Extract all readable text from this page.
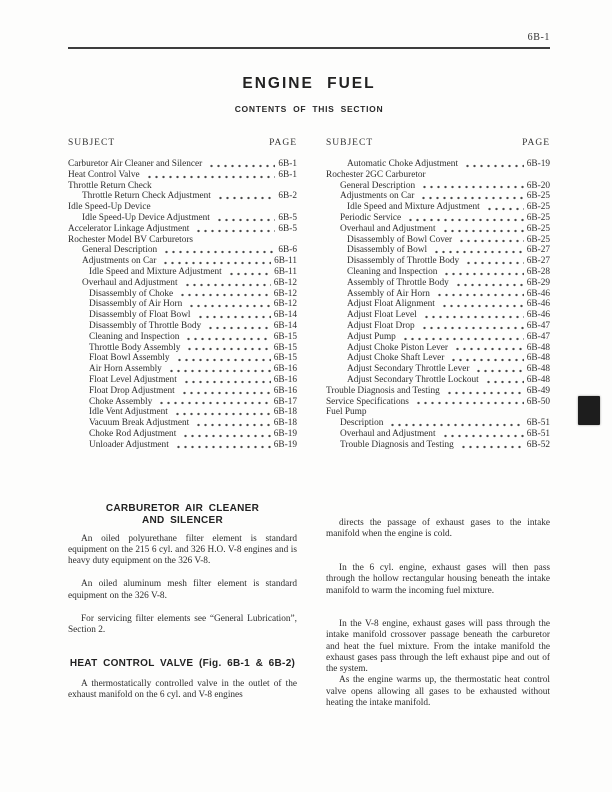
6B-1
ENGINE FUEL
CONTENTS OF THIS SECTION
SUBJECT	PAGE
Carburetor Air Cleaner and Silencer	6B-1
Heat Control Valve	6B-1
Throttle Return Check
Throttle Return Check Adjustment	6B-2
Idle Speed-Up Device
Idle Speed-Up Device Adjustment	6B-5
Accelerator Linkage Adjustment	6B-5
Rochester Model BV Carburetors
General Description	6B-6
Adjustments on Car	6B-11
Idle Speed and Mixture Adjustment	6B-11
Overhaul and Adjustment	6B-12
Disassembly of Choke	6B-12
Disassembly of Air Horn	6B-12
Disassembly of Float Bowl	6B-14
Disassembly of Throttle Body	6B-14
Cleaning and Inspection	6B-15
Throttle Body Assembly	6B-15
Float Bowl Assembly	6B-15
Air Horn Assembly	6B-16
Float Level Adjustment	6B-16
Float Drop Adjustment	6B-16
Choke Assembly	6B-17
Idle Vent Adjustment	6B-18
Vacuum Break Adjustment	6B-18
Choke Rod Adjustment	6B-19
Unloader Adjustment	6B-19
SUBJECT	PAGE
Automatic Choke Adjustment	6B-19
Rochester 2GC Carburetor
General Description	6B-20
Adjustments on Car	6B-25
Idle Speed and Mixture Adjustment	6B-25
Periodic Service	6B-25
Overhaul and Adjustment	6B-25
Disassembly of Bowl Cover	6B-25
Disassembly of Bowl	6B-27
Disassembly of Throttle Body	6B-27
Cleaning and Inspection	6B-28
Assembly of Throttle Body	6B-29
Assembly of Air Horn	6B-46
Adjust Float Alignment	6B-46
Adjust Float Level	6B-46
Adjust Float Drop	6B-47
Adjust Pump	6B-47
Adjust Choke Piston Lever	6B-48
Adjust Choke Shaft Lever	6B-48
Adjust Secondary Throttle Lever	6B-48
Adjust Secondary Throttle Lockout	6B-48
Trouble Diagnosis and Testing	6B-49
Service Specifications	6B-50
Fuel Pump
Description	6B-51
Overhaul and Adjustment	6B-51
Trouble Diagnosis and Testing	6B-52
CARBURETOR AIR CLEANER
AND SILENCER

An oiled polyurethane filter element is standard equipment on the 215 6 cyl. and 326 H.O. V-8 engines and is heavy duty equipment on the 326 V-8.

An oiled aluminum mesh filter element is standard equipment on the 326 V-8.

For servicing filter elements see “General Lubrication”, Section 2.

HEAT CONTROL VALVE (Fig. 6B-1 & 6B-2)

A thermostatically controlled valve in the outlet of the exhaust manifold on the 6 cyl. and V-8 engines

directs the passage of exhaust gases to the intake manifold when the engine is cold.

In the 6 cyl. engine, exhaust gases will then pass through the hollow rectangular housing beneath the intake manifold to warm the incoming fuel mixture.

In the V-8 engine, exhaust gases will pass through the intake manifold crossover passage beneath the carburetor and heat the fuel mixture. From the intake manifold the exhaust gases pass through the left exhaust pipe and out of the system.

As the engine warms up, the thermostatic heat control valve opens allowing all gases to be exhausted without heating the intake manifold.
